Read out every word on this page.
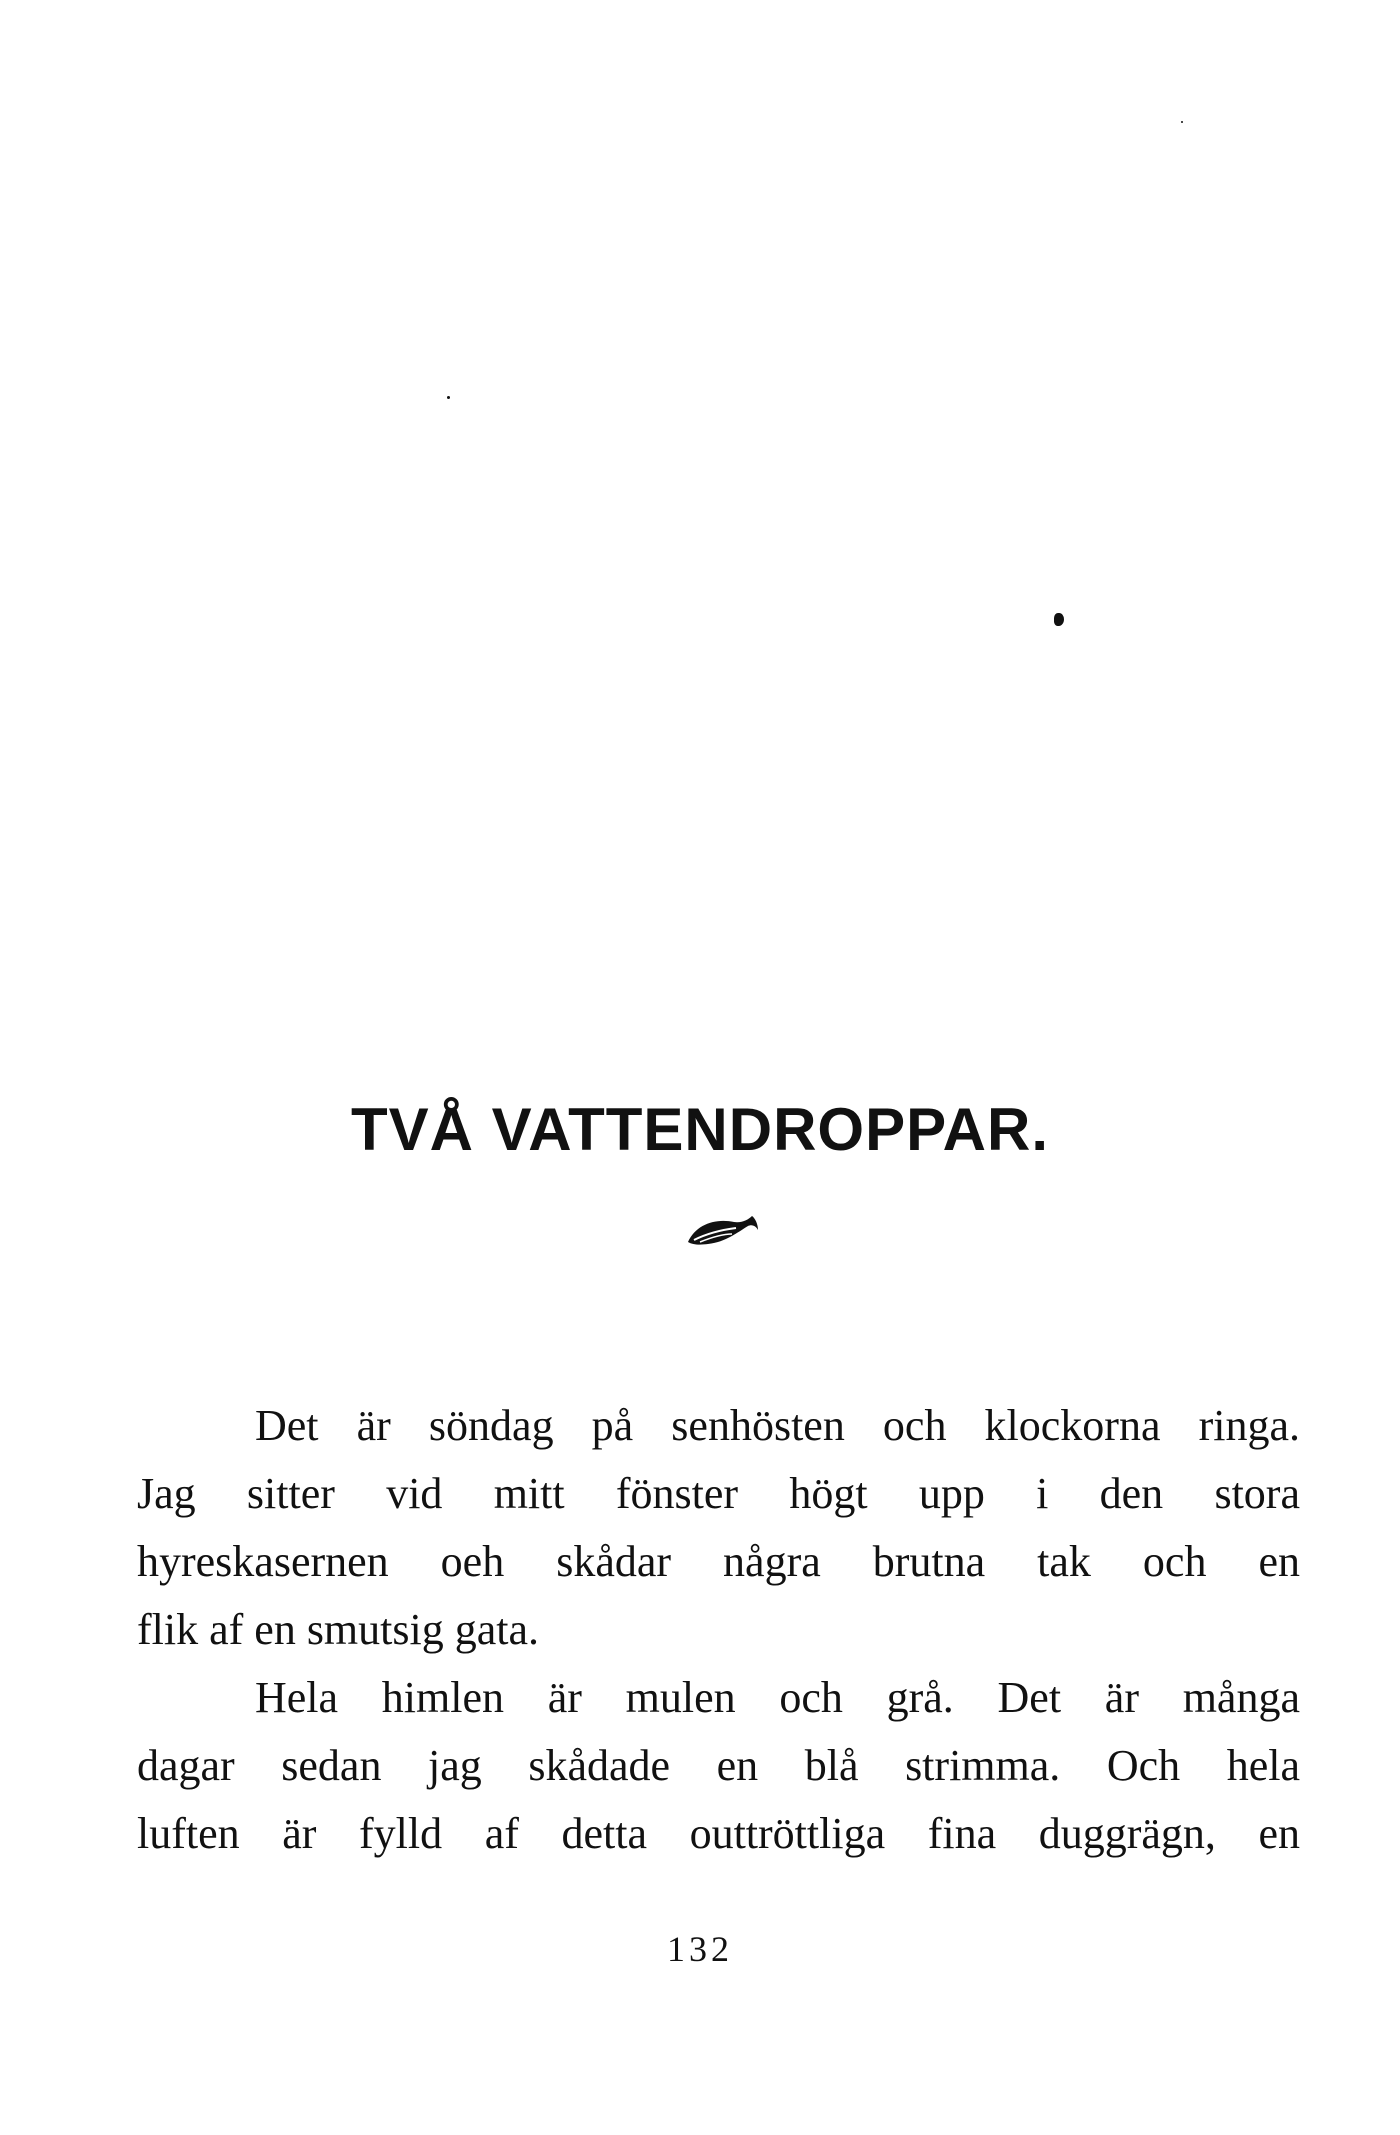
TVÅ VATTENDROPPAR.
Det är söndag på senhösten och klockorna ringa.
Jag sitter vid mitt fönster högt upp i den stora
hyreskasernen oeh skådar några brutna tak och en
flik af en smutsig gata.
Hela himlen är mulen och grå. Det är många
dagar sedan jag skådade en blå strimma. Och hela
luften är fylld af detta outtröttliga fina duggrägn, en

132
